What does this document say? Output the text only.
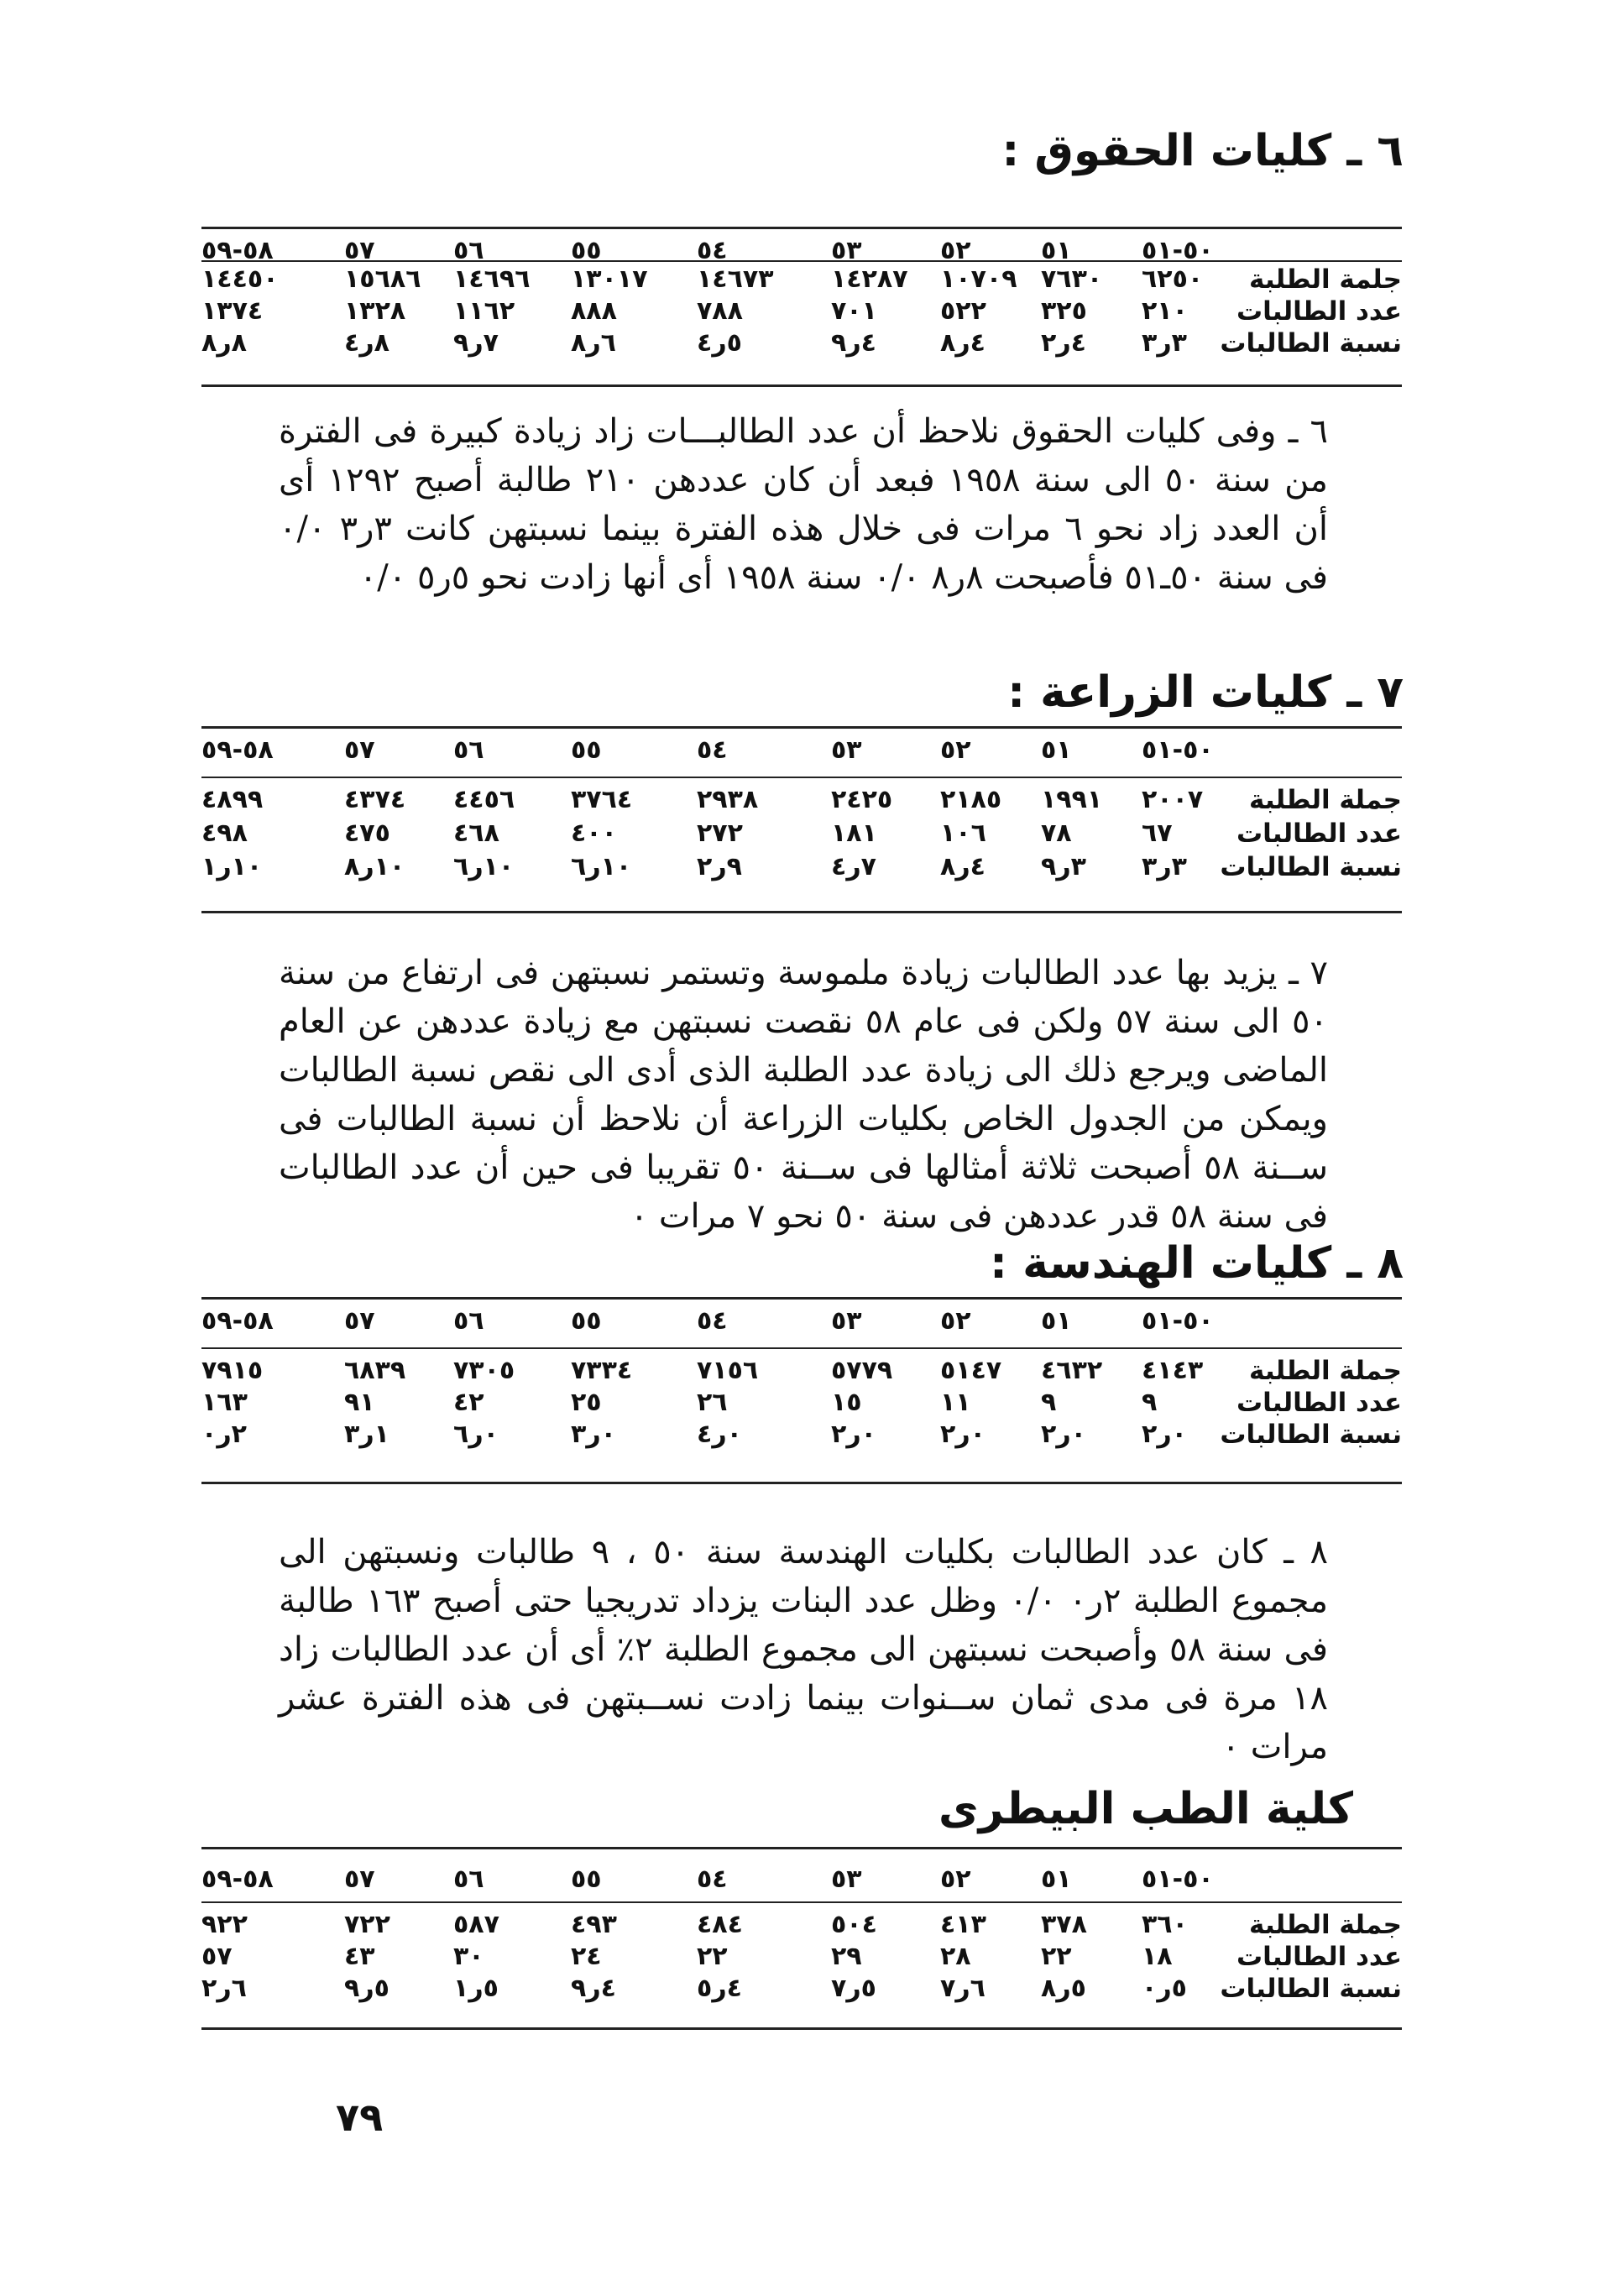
٦ ـ كليات الحقوق :
٥٨-٥٩	٥٧	٥٦	٥٥	٥٤	٥٣	٥٢	٥١	٥٠-٥١
١٤٤٥٠	١٥٦٨٦ ١٤٦٩٦ ١٣٠١٧ ١٤٦٧٣ ١٤٢٨٧ ١٠٧٠٩ ٧٦٣٠ ٦٢٥٠ جلمة الطلبة
١٣٧٤	١٣٢٨ ١١٦٢ ٨٨٨	٧٨٨	٧٠١	٥٢٢ ٣٢٥ ٢١٠ عدد الطالبات
٨ر٨	٨ر٤	٧ر٩	٦ر٨	٥ر٤	٤ر٩	٤ر٨ ٤ر٢ ٣ر٣ نسبة الطالبات
٦ ـ وفى كليات الحقوق نلاحظ أن عدد الطالبـــات زاد زيادة كبيرة فى الفترة من سنة ٥٠ الى سنة ١٩٥٨ فبعد أن كان عددهن ٢١٠ طالبة أصبح ١٢٩٢ أى أن العدد زاد نحو ٦ مرات فى خلال هذه الفترة بينما نسبتهن كانت ٣ر٣ ٠/٠ فى سنة ٥٠ـ٥١ فأصبحت ٨ر٨ ٠/٠ سنة ١٩٥٨ أى أنها زادت نحو ٥ر٥ ٠/٠
٧ ـ كليات الزراعة :
٥٨-٥٩	٥٧	٥٦	٥٥	٥٤	٥٣	٥٢	٥١	٥٠-٥١
٤٨٩٩	٤٣٧٤ ٤٤٥٦ ٣٧٦٤	٢٩٣٨	٢٤٢٥ ٢١٨٥ ١٩٩١ ٢٠٠٧ جملة الطلبة
٤٩٨	٤٧٥	٤٦٨	٤٠٠	٢٧٢	١٨١	١٠٦ ٧٨	٦٧ عدد الطالبات
١٠ر١	١٠ر٨ ١٠ر٦ ١٠ر٦	٩ر٢	٧ر٤	٤ر٨ ٣ر٩ ٣ر٣ نسبة الطالبات
٧ ـ يزيد بها عدد الطالبات زيادة ملموسة وتستمر نسبتهن فى ارتفاع من سنة ٥٠ الى سنة ٥٧ ولكن فى عام ٥٨ نقصت نسبتهن مع زيادة عددهن عن العام الماضى ويرجع ذلك الى زيادة عدد الطلبة الذى أدى الى نقص نسبة الطالبات ويمكن من الجدول الخاص بكليات الزراعة أن نلاحظ أن نسبة الطالبات فى ســنة ٥٨ أصبحت ثلاثة أمثالها فى ســنة ٥٠ تقريبا فى حين أن عدد الطالبات فى سنة ٥٨ قدر عددهن فى سنة ٥٠ نحو ٧ مرات ٠
٨ ـ كليات الهندسة :
٥٨-٥٩	٥٧	٥٦	٥٥	٥٤	٥٣	٥٢	٥١	٥٠-٥١
٧٩١٥	٦٨٣٩ ٧٣٠٥ ٧٣٣٤	٧١٥٦	٥٧٧٩ ٥١٤٧ ٤٦٣٢ ٤١٤٣ جملة الطلبة
١٦٣	٩١	٤٢	٢٥	٢٦	١٥	١١	٩	٩	عدد الطالبات
٢ر٠	١ر٣	٠ر٦	٠ر٣	٠ر٤	٠ر٢	٠ر٢ ٠ر٢ ٠ر٢ نسبة الطالبات
٨ ـ كان عدد الطالبات بكليات الهندسة سنة ٥٠ ، ٩ طالبات ونسبتهن الى مجموع الطلبة ٢ر٠ ٠/٠ وظل عدد البنات يزداد تدريجيا حتى أصبح ١٦٣ طالبة فى سنة ٥٨ وأصبحت نسبتهن الى مجموع الطلبة ٢٪ أى أن عدد الطالبات زاد ١٨ مرة فى مدى ثمان ســنوات بينما زادت نســبتهن فى هذه الفترة عشر مرات ٠
كلية الطب البيطرى
٥٨-٥٩	٥٧	٥٦	٥٥	٥٤	٥٣	٥٢	٥١	٥٠-٥١
٩٢٢	٧٢٢	٥٨٧	٤٩٣	٤٨٤	٥٠٤	٤١٣ ٣٧٨ ٣٦٠ جملة الطلبة
٥٧	٤٣	٣٠	٢٤	٢٢	٢٩	٢٨	٢٢	١٨ عدد الطالبات
٦ر٢	٥ر٩	٥ر١	٤ر٩	٤ر٥	٥ر٧	٦ر٧ ٥ر٨ ٥ر٠ نسبة الطالبات
٧٩
